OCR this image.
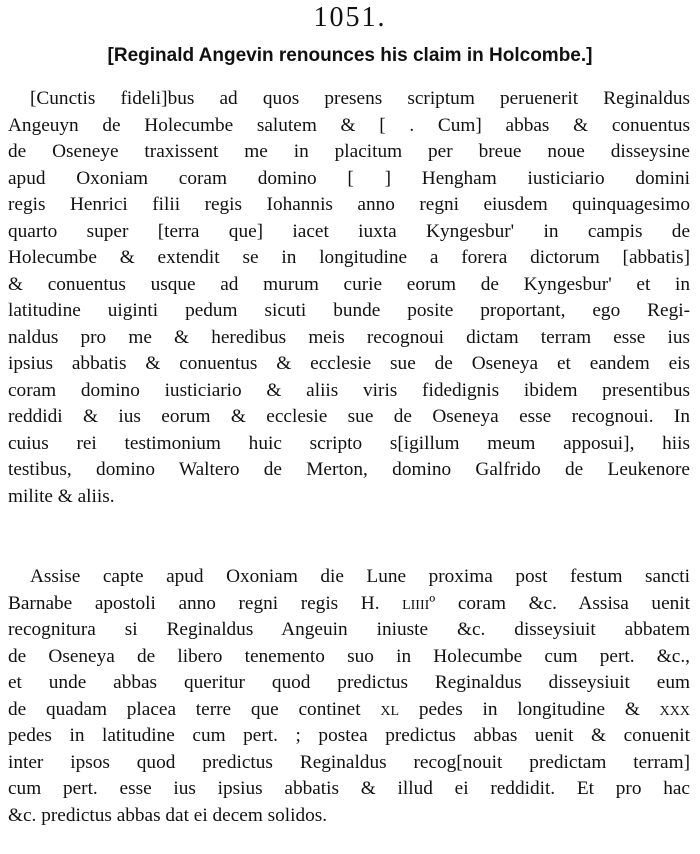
1051.
[Reginald Angevin renounces his claim in Holcombe.]
[Cunctis fideli]bus ad quos presens scriptum peruenerit Reginaldus
Angeuyn de Holecumbe salutem & [ . Cum] abbas & conuentus
de Oseneye traxissent me in placitum per breue noue disseysine
apud Oxoniam coram domino [ ] Hengham iusticiario domini
regis Henrici filii regis Iohannis anno regni eiusdem quinquagesimo
quarto super [terra que] iacet iuxta Kyngesbur' in campis de
Holecumbe & extendit se in longitudine a forera dictorum [abbatis]
& conuentus usque ad murum curie eorum de Kyngesbur' et in
latitudine uiginti pedum sicuti bunde posite proportant, ego Regi-
naldus pro me & heredibus meis recognoui dictam terram esse ius
ipsius abbatis & conuentus & ecclesie sue de Oseneya et eandem eis
coram domino iusticiario & aliis viris fidedignis ibidem presentibus
reddidi & ius eorum & ecclesie sue de Oseneya esse recognoui. In
cuius rei testimonium huic scripto s[igillum meum apposui], hiis
testibus, domino Waltero de Merton, domino Galfrido de Leukenore
milite & aliis.
Assise capte apud Oxoniam die Lune proxima post festum sancti
Barnabe apostoli anno regni regis H. liiiiº coram &c. Assisa uenit
recognitura si Reginaldus Angeuin iniuste &c. disseysiuit abbatem
de Oseneya de libero tenemento suo in Holecumbe cum pert. &c.,
et unde abbas queritur quod predictus Reginaldus disseysiuit eum
de quadam placea terre que continet xl pedes in longitudine & xxx
pedes in latitudine cum pert. ; postea predictus abbas uenit & conuenit
inter ipsos quod predictus Reginaldus recog[nouit predictam terram]
cum pert. esse ius ipsius abbatis & illud ei reddidit. Et pro hac
&c. predictus abbas dat ei decem solidos.
